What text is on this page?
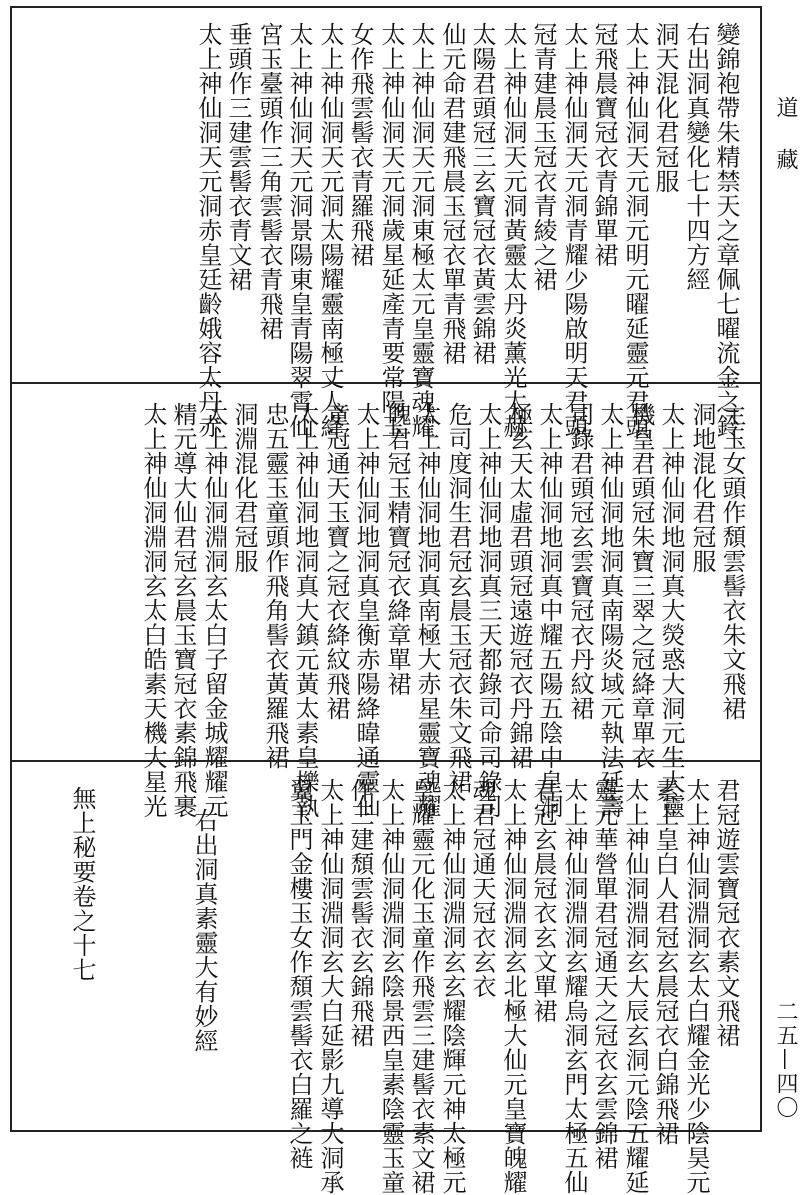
變錦袍帶朱精禁天之章佩七曜流金之鈴
右出洞真變化七十四方經
洞天混化君冠服
太上神仙洞天元洞元明元曜延靈元君頭
冠飛晨寶冠衣青錦單裙
太上神仙洞天元洞青耀少陽啟明天君頭
冠青建晨玉冠衣青綾之裙
太上神仙洞天元洞黃靈太丹炎薰光太赫
太陽君頭冠三玄寶冠衣黃雲錦裙
仙元命君建飛晨玉冠衣單青飛裙
太上神仙洞天元洞東極太元皇靈寶魂耀
太上神仙洞天元洞歲星延產青要常陽玉
女作飛雲髻衣青羅飛裙
太上神仙洞天元洞太陽耀靈南極丈人絳
太上神仙洞天元洞景陽東皇青陽翠霄仙
宮玉臺頭作三角雲髻衣青飛裙
垂頭作三建雲髻衣青文裙
太上神仙洞天元洞赤皇廷齡娥容太丹赤
主玉女頭作頹雲髻衣朱文飛裙
洞地混化君冠服
太上神仙洞地洞真大熒惑大洞元生大靈
機皇君頭冠朱寶三翠之冠絳章單衣
太上神仙洞地洞真南陽炎域元執法延壽
司錄君頭冠玄雲寶冠衣丹紋裙
太上神仙洞地洞真中耀五陽五陰中皇洞
極玄天太虛君頭冠遠遊冠衣丹錦裙
太上神仙洞地洞真三天都錄司命司錄司
危司度洞生君冠玄晨玉冠衣朱文飛裙
太上神仙洞地洞真南極大赤星靈寶魂耀
魄君冠玉精寶冠衣絳章單裙
太上神仙洞地洞真皇衡赤陽絳暐通靈仙
童冠通天玉寶之冠衣絳紋飛裙
太上神仙洞地洞真大鎮元黃太素皇櫟執
忠五靈玉童頭作飛角髻衣黃羅飛裙
洞淵混化君冠服
太上神仙洞淵洞玄太白子留金城耀耀元
精元導大仙君冠玄晨玉寶冠衣素錦飛裹
太上神仙洞淵洞玄太白皓素天機大星光
君冠遊雲寶冠衣素文飛裙
太上神仙洞淵洞玄太白耀金光少陰昊元
素上皇白人君冠玄晨冠衣白錦飛裙
太上神仙洞淵洞玄大辰玄洞元陰五耀延
靈元華營單君冠通天之冠衣玄雲錦裙
太上神仙洞淵洞玄耀烏洞玄門太極五仙
君冠玄晨冠衣玄文單裙
太上神仙洞淵洞玄北極大仙元皇寶魄耀
魂君冠通天冠衣玄衣
太上神仙洞淵洞玄玄耀陰輝元神太極元
皇耀靈元化玉童作飛雲三建髻衣素文裙
太上神仙洞淵洞玄陰景西皇素陰靈玉童
作三建頹雲髻衣玄錦飛裙
太上神仙洞淵洞玄大白延影九導大洞承
翼玉門金樓玉女作頹雲髻衣白羅之裢
右出洞真素靈大有妙經
無上秘要卷之十七
道藏
二五—四〇
